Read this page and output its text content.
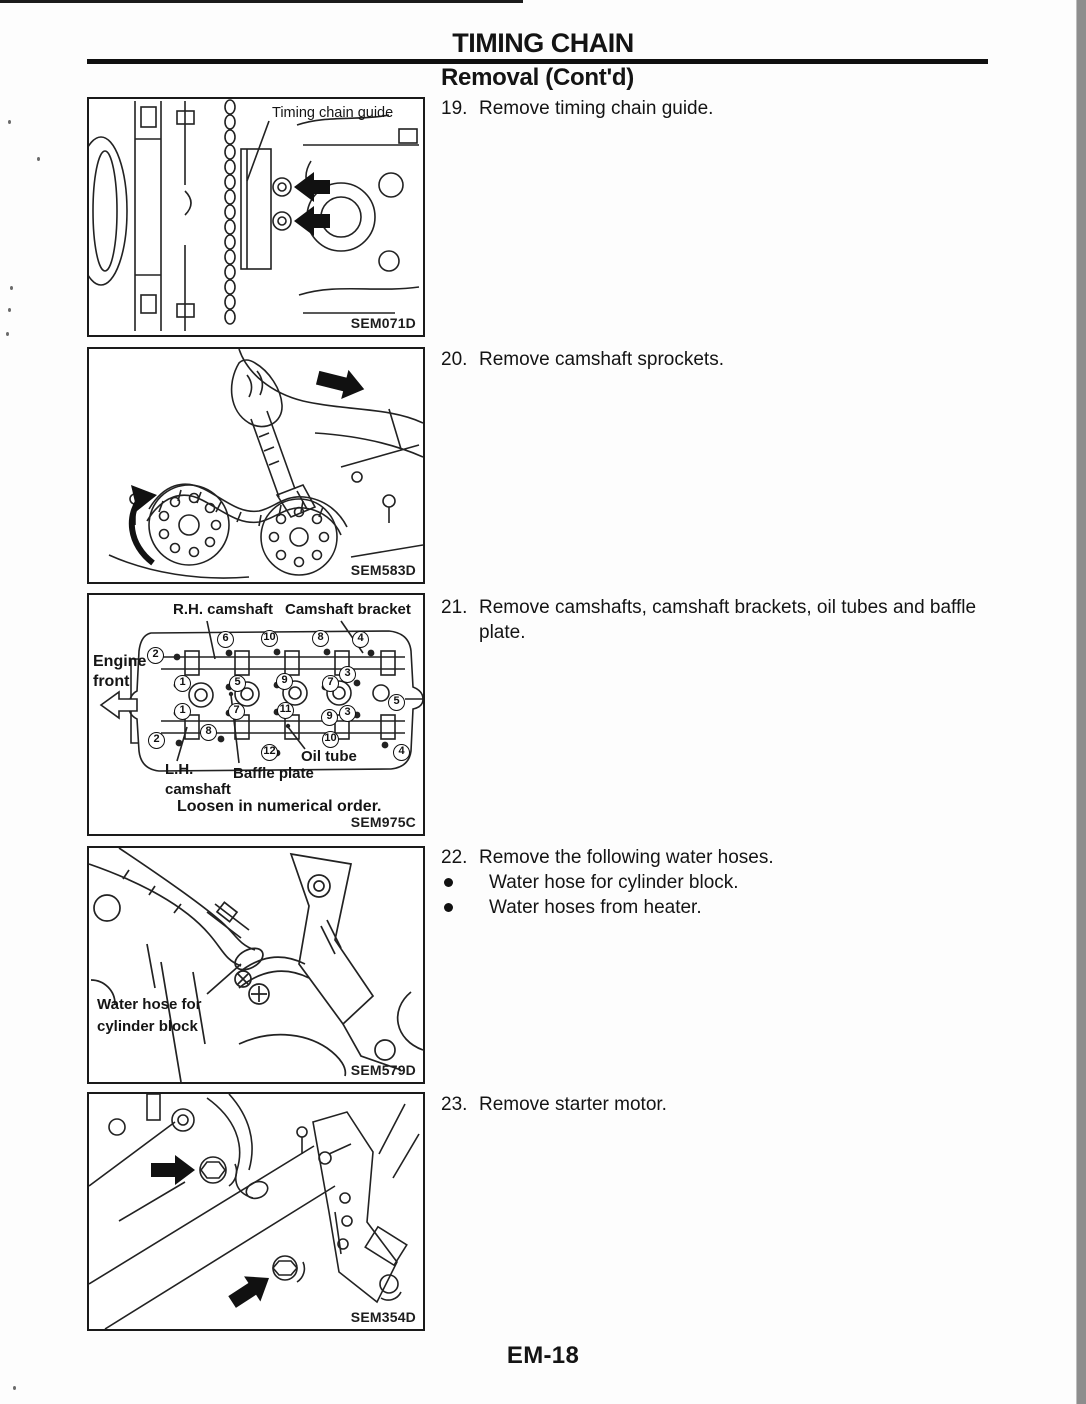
TIMING CHAIN
Removal (Cont'd)
Timing chain guide
SEM071D
SEM583D
2
6	10	8	4
1	5	9	7
3
1	7	11
9	3
5
2
8
12
10
4
R.H. camshaft Camshaft bracket
Engine
front
L.H.
camshaft
Baffle plate
Oil tube
Loosen in numerical order.
SEM975C
Water hose for
cylinder block
SEM579D
SEM354D
19. Remove timing chain guide.
20. Remove camshaft sprockets.
21. Remove camshafts, camshaft brackets, oil tubes and baffle plate.
22. Remove the following water hoses.
Water hose for cylinder block.
Water hoses from heater.
23. Remove starter motor.
EM-18
